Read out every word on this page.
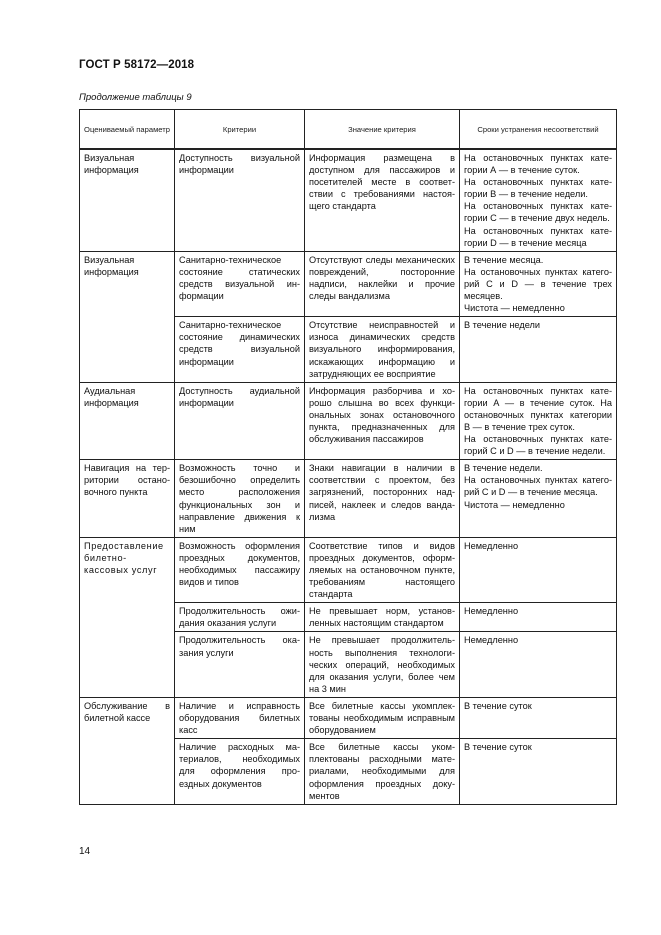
ГОСТ Р 58172—2018
Продолжение таблицы 9
Оцениваемый параметр	Критерии	Значение критерия	Сроки устранения несоответствий
Визуальная информация	Доступность визуальной информации	Информация размещена в доступном для пассажиров и посетителей месте в соответствии с требованиями настоящего стандарта	На остановочных пунктах категории А — в течение суток.
На остановочных пунктах категории В — в течение недели.
На остановочных пунктах категории С — в течение двух недель.
На остановочных пунктах категории D — в течение месяца

Визуальная информация	Санитарно-техническое состояние статических средств визуальной информации	Отсутствуют следы механических повреждений, посторонние надписи, наклейки и прочие следы вандализма	В течение месяца.
На остановочных пунктах категорий С и D — в течение трех месяцев.
Чистота — немедленно

	Санитарно-техническое состояние динамических средств визуальной информации	Отсутствие неисправностей и износа динамических средств визуального информирования, искажающих информацию и затрудняющих ее восприятие	В течение недели

Аудиальная информация	Доступность аудиальной информации	Информация разборчива и хорошо слышна во всех функциональных зонах остановочного пункта, предназначенных для обслуживания пассажиров	На остановочных пунктах категории А — в течение суток. На остановочных пунктах категории В — в течение трех суток.
На остановочных пунктах категорий С и D — в течение недели.

Навигация на территории остановочного пункта	Возможность точно и безошибочно определить место расположения функциональных зон и направление движения к ним	Знаки навигации в наличии в соответствии с проектом, без загрязнений, посторонних надписей, наклеек и следов вандализма	В течение недели.
На остановочных пунктах категорий С и D — в течение месяца.
Чистота — немедленно

Предоставление билетно-кассовых услуг	Возможность оформления проездных документов, необходимых пассажиру видов и типов	Соответствие типов и видов проездных документов, оформляемых на остановочном пункте, требованиям настоящего стандарта	Немедленно

	Продолжительность ожидания оказания услуги	Не превышает норм, установленных настоящим стандартом	Немедленно

	Продолжительность оказания услуги	Не превышает продолжительность выполнения технологических операций, необходимых для оказания услуги, более чем на 3 мин	Немедленно

Обслуживание в билетной кассе	Наличие и исправность оборудования билетных касс	Все билетные кассы укомплектованы необходимым исправным оборудованием	В течение суток

	Наличие расходных материалов, необходимых для оформления проездных документов	Все билетные кассы укомплектованы расходными материалами, необходимыми для оформления проездных документов	В течение суток
14
